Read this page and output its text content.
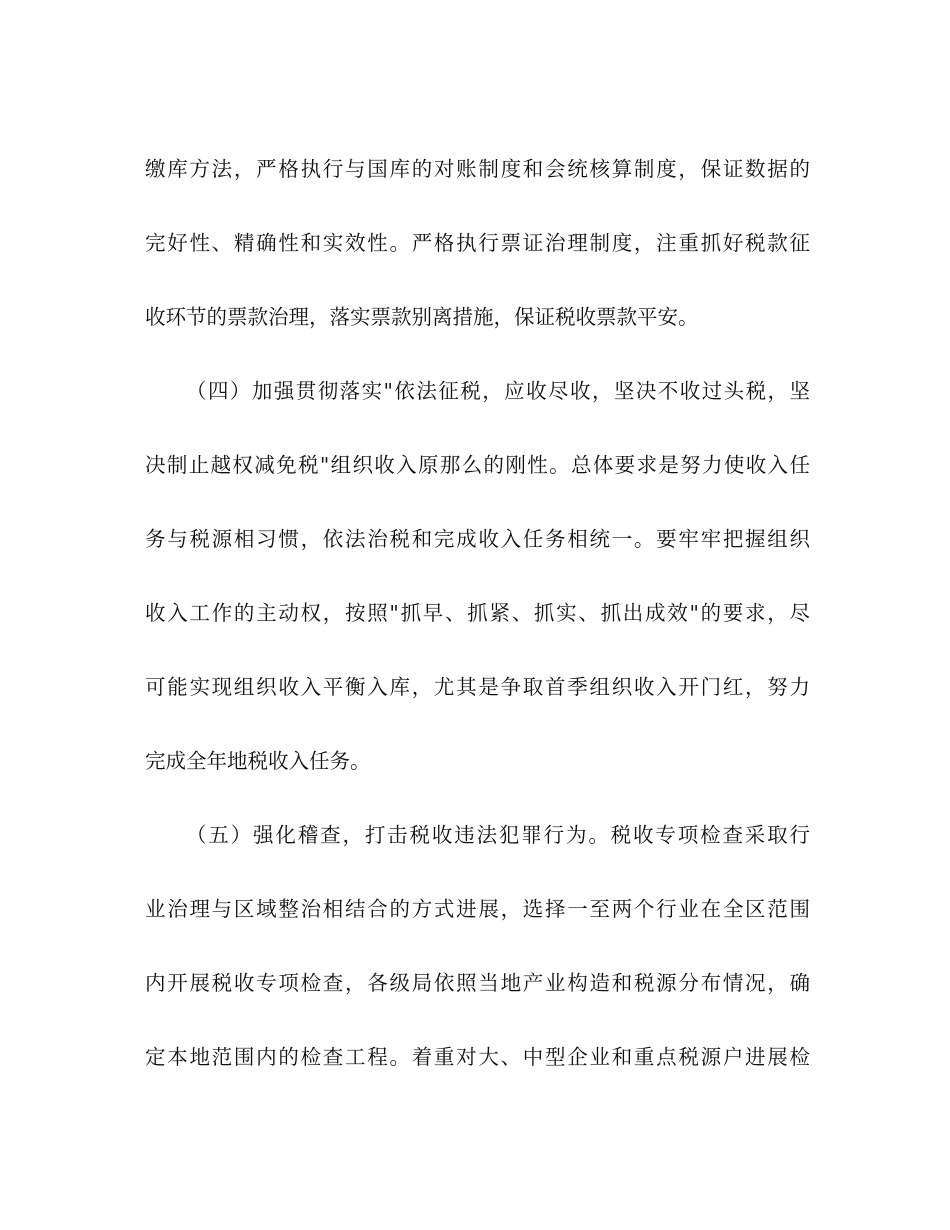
缴库方法，严格执行与国库的对账制度和会统核算制度，保证数据的
完好性、精确性和实效性。严格执行票证治理制度，注重抓好税款征
收环节的票款治理，落实票款别离措施，保证税收票款平安。
（四）加强贯彻落实"依法征税，应收尽收，坚决不收过头税，坚
决制止越权减免税"组织收入原那么的刚性。总体要求是努力使收入任
务与税源相习惯，依法治税和完成收入任务相统一。要牢牢把握组织
收入工作的主动权，按照"抓早、抓紧、抓实、抓出成效"的要求，尽
可能实现组织收入平衡入库，尤其是争取首季组织收入开门红，努力
完成全年地税收入任务。
（五）强化稽查，打击税收违法犯罪行为。税收专项检查采取行
业治理与区域整治相结合的方式进展，选择一至两个行业在全区范围
内开展税收专项检查，各级局依照当地产业构造和税源分布情况，确
定本地范围内的检查工程。着重对大、中型企业和重点税源户进展检
